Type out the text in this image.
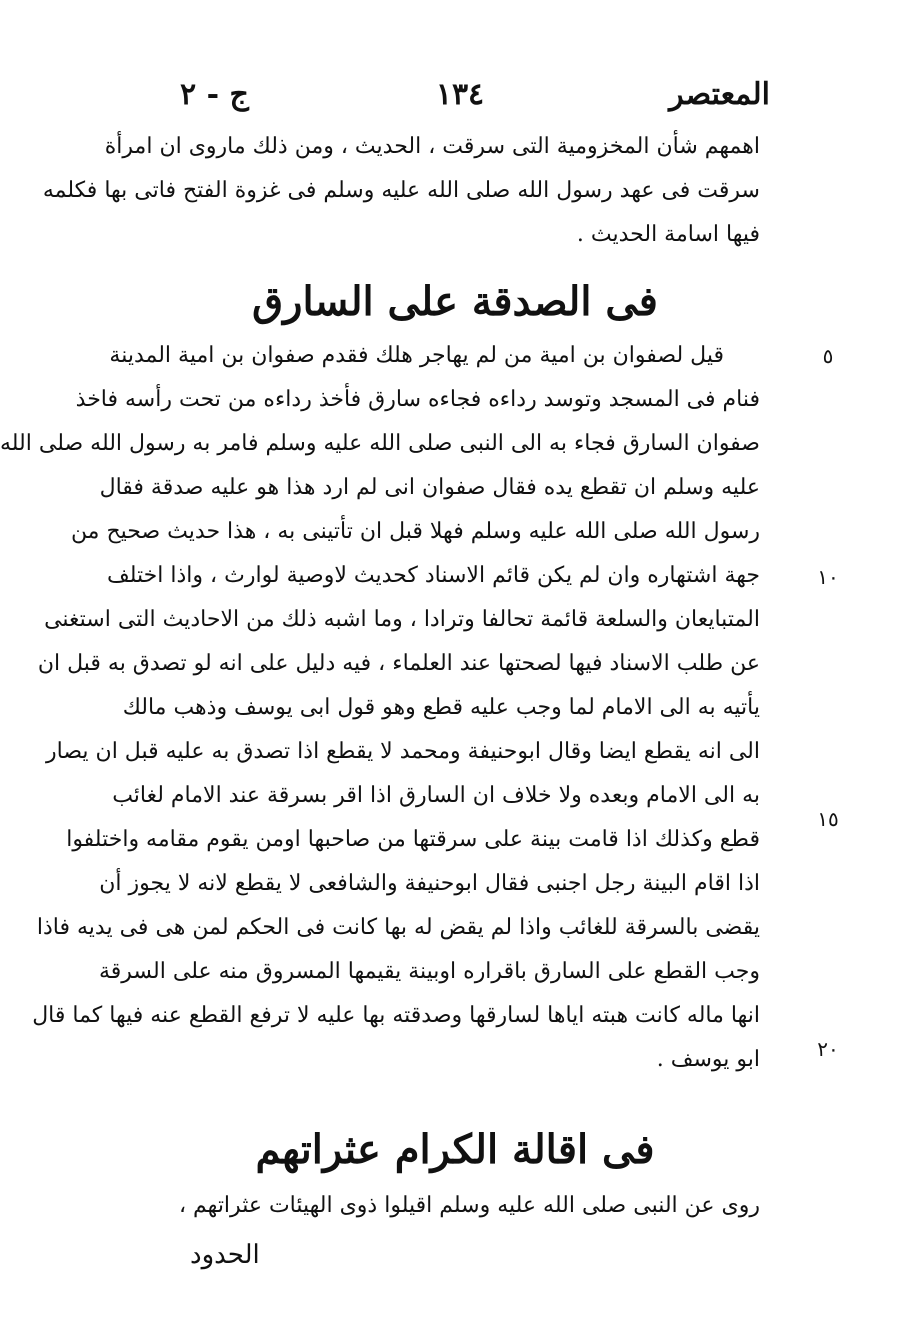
المعتصر
١٣٤
ج - ٢
اهمهم شأن المخزومية التى سرقت ، الحديث ، ومن ذلك ماروى ان امرأة
سرقت فى عهد رسول الله صلى الله عليه وسلم فى غزوة الفتح فاتى بها فكلمه
فيها اسامة الحديث .
فى الصدقة على السارق
قيل لصفوان بن امية من لم يهاجر هلك فقدم صفوان بن امية المدينة
فنام فى المسجد وتوسد رداءه فجاءه سارق فأخذ رداءه من تحت رأسه فاخذ
صفوان السارق فجاء به الى النبى صلى الله عليه وسلم فامر به رسول الله صلى الله
عليه وسلم ان تقطع يده فقال صفوان انى لم ارد هذا هو عليه صدقة فقال
رسول الله صلى الله عليه وسلم فهلا قبل ان تأتينى به ، هذا حديث صحيح من
جهة اشتهاره وان لم يكن قائم الاسناد كحديث لاوصية لوارث ، واذا اختلف
المتبايعان والسلعة قائمة تحالفا وترادا ، وما اشبه ذلك من الاحاديث التى استغنى
عن طلب الاسناد فيها لصحتها عند العلماء ، فيه دليل على انه لو تصدق به قبل ان
يأتيه به الى الامام لما وجب عليه قطع وهو قول ابى يوسف وذهب مالك
الى انه يقطع ايضا وقال ابوحنيفة ومحمد لا يقطع اذا تصدق به عليه قبل ان يصار
به الى الامام وبعده ولا خلاف ان السارق اذا اقر بسرقة عند الامام لغائب
قطع وكذلك اذا قامت بينة على سرقتها من صاحبها اومن يقوم مقامه واختلفوا
اذا اقام البينة رجل اجنبى فقال ابوحنيفة والشافعى لا يقطع لانه لا يجوز أن
يقضى بالسرقة للغائب واذا لم يقض له بها كانت فى الحكم لمن هى فى يديه فاذا
وجب القطع على السارق باقراره اوبينة يقيمها المسروق منه على السرقة
انها ماله كانت هبته اياها لسارقها وصدقته بها عليه لا ترفع القطع عنه فيها كما قال
ابو يوسف .
٥
١٠
١٥
٢٠
فى اقالة الكرام عثراتهم
روى عن النبى صلى الله عليه وسلم اقيلوا ذوى الهيئات عثراتهم ،
الحدود
